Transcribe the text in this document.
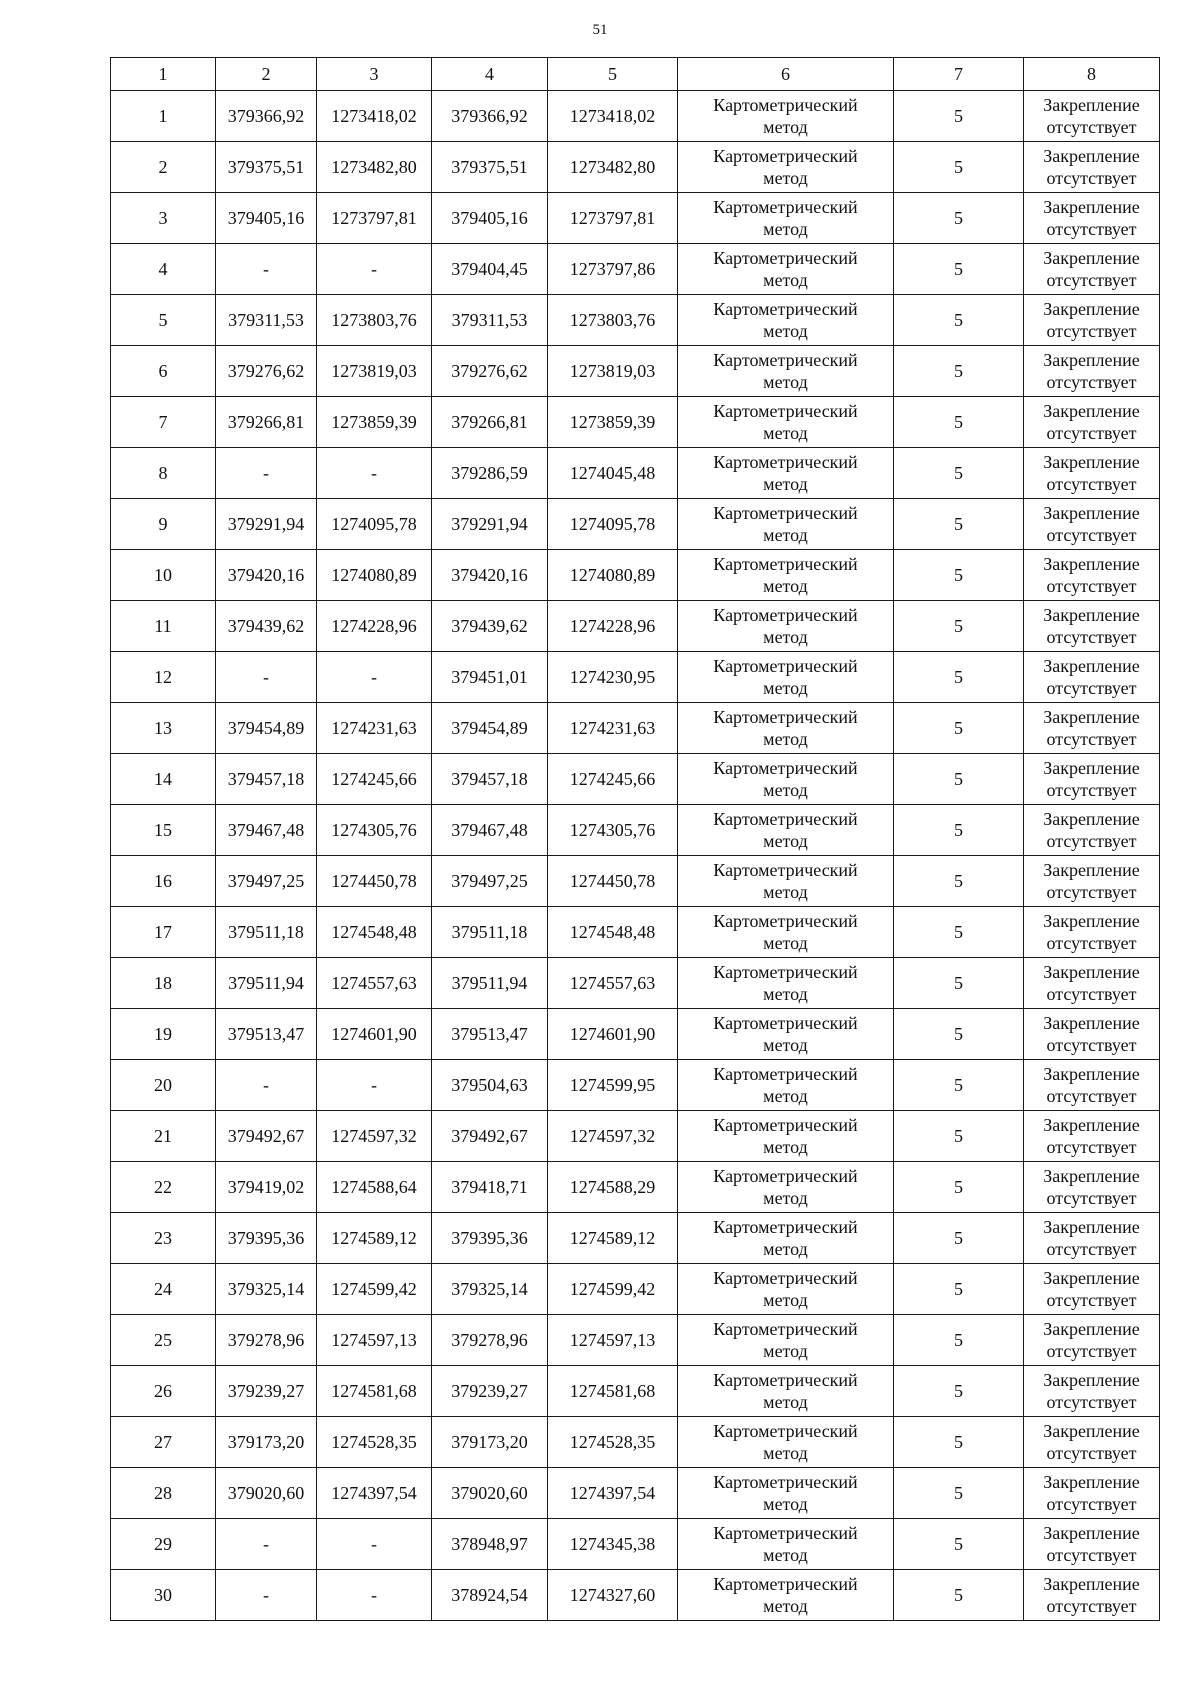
51
1	2	3	4	5	6	7	8
1	379366,92	1273418,02	379366,92	1273418,02	Картометрический
метод	5	Закрепление
отсутствует

2	379375,51	1273482,80	379375,51	1273482,80	Картометрический
метод	5	Закрепление
отсутствует

3	379405,16	1273797,81	379405,16	1273797,81	Картометрический
метод	5	Закрепление
отсутствует

4	-	-	379404,45	1273797,86	Картометрический
метод	5	Закрепление
отсутствует

5	379311,53	1273803,76	379311,53	1273803,76	Картометрический
метод	5	Закрепление
отсутствует

6	379276,62	1273819,03	379276,62	1273819,03	Картометрический
метод	5	Закрепление
отсутствует

7	379266,81	1273859,39	379266,81	1273859,39	Картометрический
метод	5	Закрепление
отсутствует

8	-	-	379286,59	1274045,48	Картометрический
метод	5	Закрепление
отсутствует

9	379291,94	1274095,78	379291,94	1274095,78	Картометрический
метод	5	Закрепление
отсутствует

10	379420,16	1274080,89	379420,16	1274080,89	Картометрический
метод	5	Закрепление
отсутствует

11	379439,62	1274228,96	379439,62	1274228,96	Картометрический
метод	5	Закрепление
отсутствует

12	-	-	379451,01	1274230,95	Картометрический
метод	5	Закрепление
отсутствует

13	379454,89	1274231,63	379454,89	1274231,63	Картометрический
метод	5	Закрепление
отсутствует

14	379457,18	1274245,66	379457,18	1274245,66	Картометрический
метод	5	Закрепление
отсутствует

15	379467,48	1274305,76	379467,48	1274305,76	Картометрический
метод	5	Закрепление
отсутствует

16	379497,25	1274450,78	379497,25	1274450,78	Картометрический
метод	5	Закрепление
отсутствует

17	379511,18	1274548,48	379511,18	1274548,48	Картометрический
метод	5	Закрепление
отсутствует

18	379511,94	1274557,63	379511,94	1274557,63	Картометрический
метод	5	Закрепление
отсутствует

19	379513,47	1274601,90	379513,47	1274601,90	Картометрический
метод	5	Закрепление
отсутствует

20	-	-	379504,63	1274599,95	Картометрический
метод	5	Закрепление
отсутствует

21	379492,67	1274597,32	379492,67	1274597,32	Картометрический
метод	5	Закрепление
отсутствует

22	379419,02	1274588,64	379418,71	1274588,29	Картометрический
метод	5	Закрепление
отсутствует

23	379395,36	1274589,12	379395,36	1274589,12	Картометрический
метод	5	Закрепление
отсутствует

24	379325,14	1274599,42	379325,14	1274599,42	Картометрический
метод	5	Закрепление
отсутствует

25	379278,96	1274597,13	379278,96	1274597,13	Картометрический
метод	5	Закрепление
отсутствует

26	379239,27	1274581,68	379239,27	1274581,68	Картометрический
метод	5	Закрепление
отсутствует

27	379173,20	1274528,35	379173,20	1274528,35	Картометрический
метод	5	Закрепление
отсутствует

28	379020,60	1274397,54	379020,60	1274397,54	Картометрический
метод	5	Закрепление
отсутствует

29	-	-	378948,97	1274345,38	Картометрический
метод	5	Закрепление
отсутствует

30	-	-	378924,54	1274327,60	Картометрический
метод	5	Закрепление
отсутствует
